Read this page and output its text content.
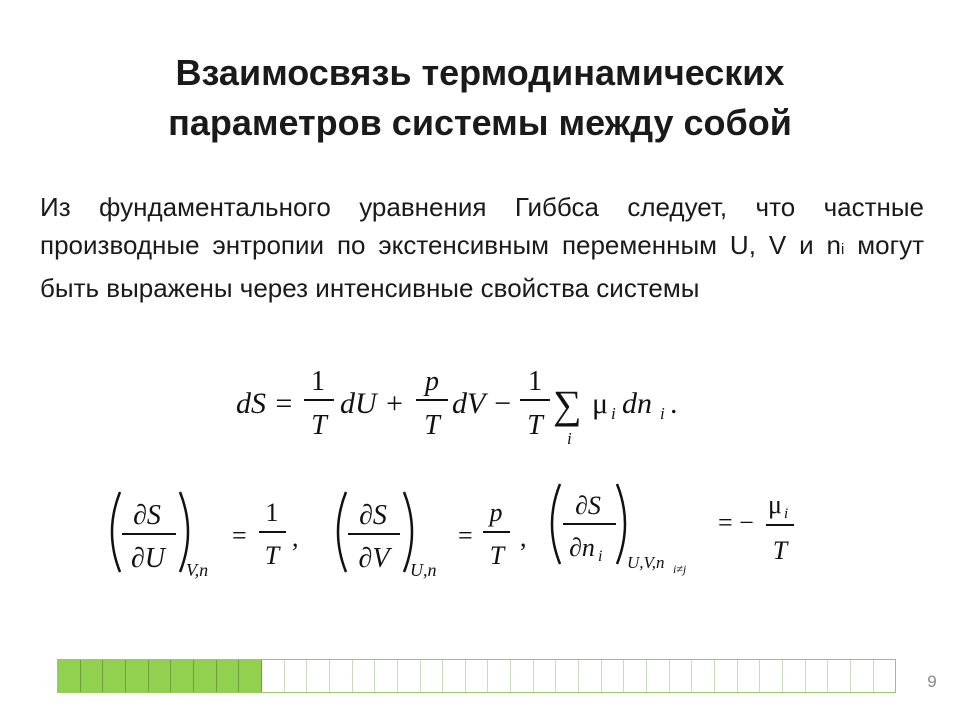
Взаимосвязь термодинамических
параметров системы между собой
Из фундаментального уравнения Гиббса следует, что частные производные энтропии по экстенсивным переменным U, V и ni могут быть выражены через интенсивные свойства системы
dS =
1
T
dU +
p
T
dV −
1
T ∑
i
μ i dn i .
∂S
∂U V,n
=
1
T
,
∂S
∂V U,n
=
p
T
,
∂S
∂n i U,V,n i≠j
= −
μ i
T
9
